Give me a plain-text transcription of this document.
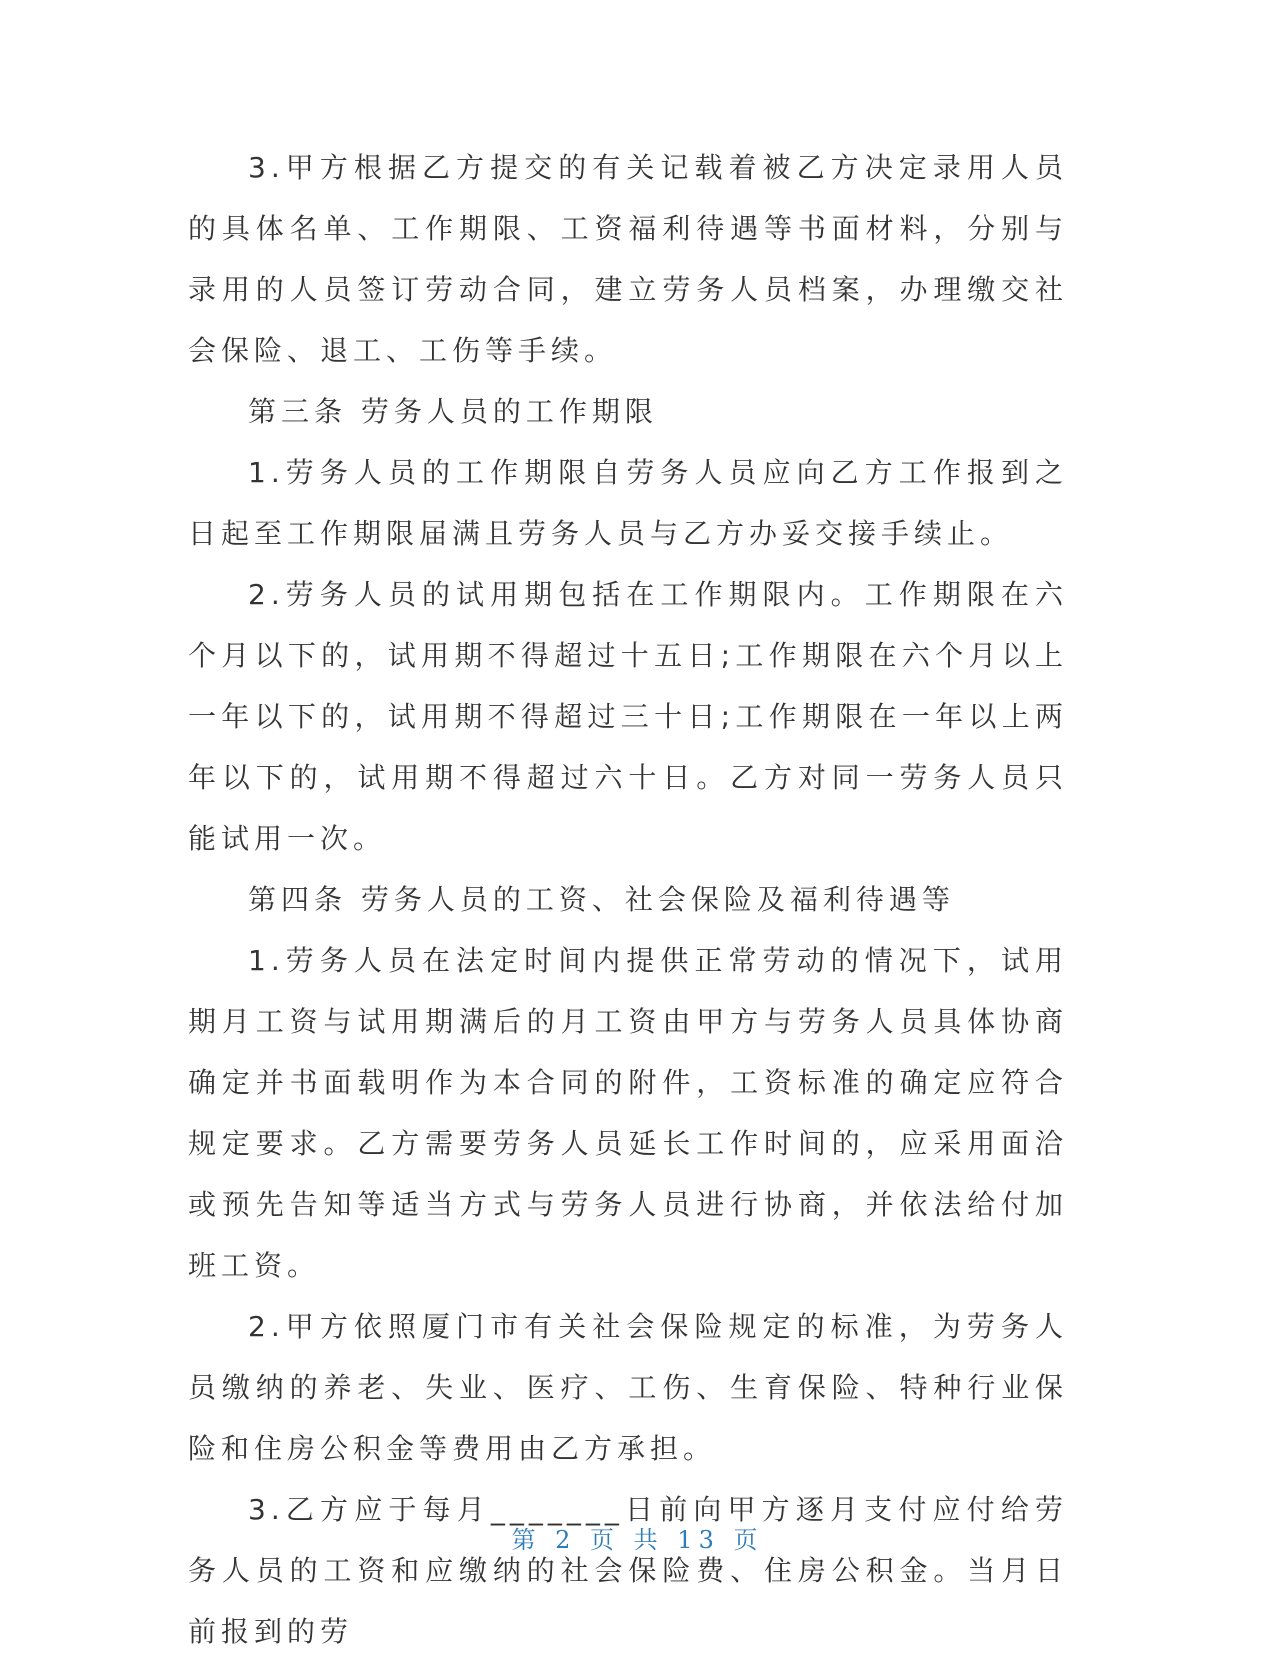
3.甲方根据乙方提交的有关记载着被乙方决定录用人员的具体名单、工作期限、工资福利待遇等书面材料，分别与录用的人员签订劳动合同，建立劳务人员档案，办理缴交社会保险、退工、工伤等手续。

第三条 劳务人员的工作期限

1.劳务人员的工作期限自劳务人员应向乙方工作报到之日起至工作期限届满且劳务人员与乙方办妥交接手续止。

2.劳务人员的试用期包括在工作期限内。工作期限在六个月以下的，试用期不得超过十五日;工作期限在六个月以上一年以下的，试用期不得超过三十日;工作期限在一年以上两年以下的，试用期不得超过六十日。乙方对同一劳务人员只能试用一次。

第四条 劳务人员的工资、社会保险及福利待遇等

1.劳务人员在法定时间内提供正常劳动的情况下，试用期月工资与试用期满后的月工资由甲方与劳务人员具体协商确定并书面载明作为本合同的附件，工资标准的确定应符合规定要求。乙方需要劳务人员延长工作时间的，应采用面洽或预先告知等适当方式与劳务人员进行协商，并依法给付加班工资。

2.甲方依照厦门市有关社会保险规定的标准，为劳务人员缴纳的养老、失业、医疗、工伤、生育保险、特种行业保险和住房公积金等费用由乙方承担。

3.乙方应于每月_______日前向甲方逐月支付应付给劳务人员的工资和应缴纳的社会保险费、住房公积金。当月日前报到的劳

第 2 页 共 13 页
